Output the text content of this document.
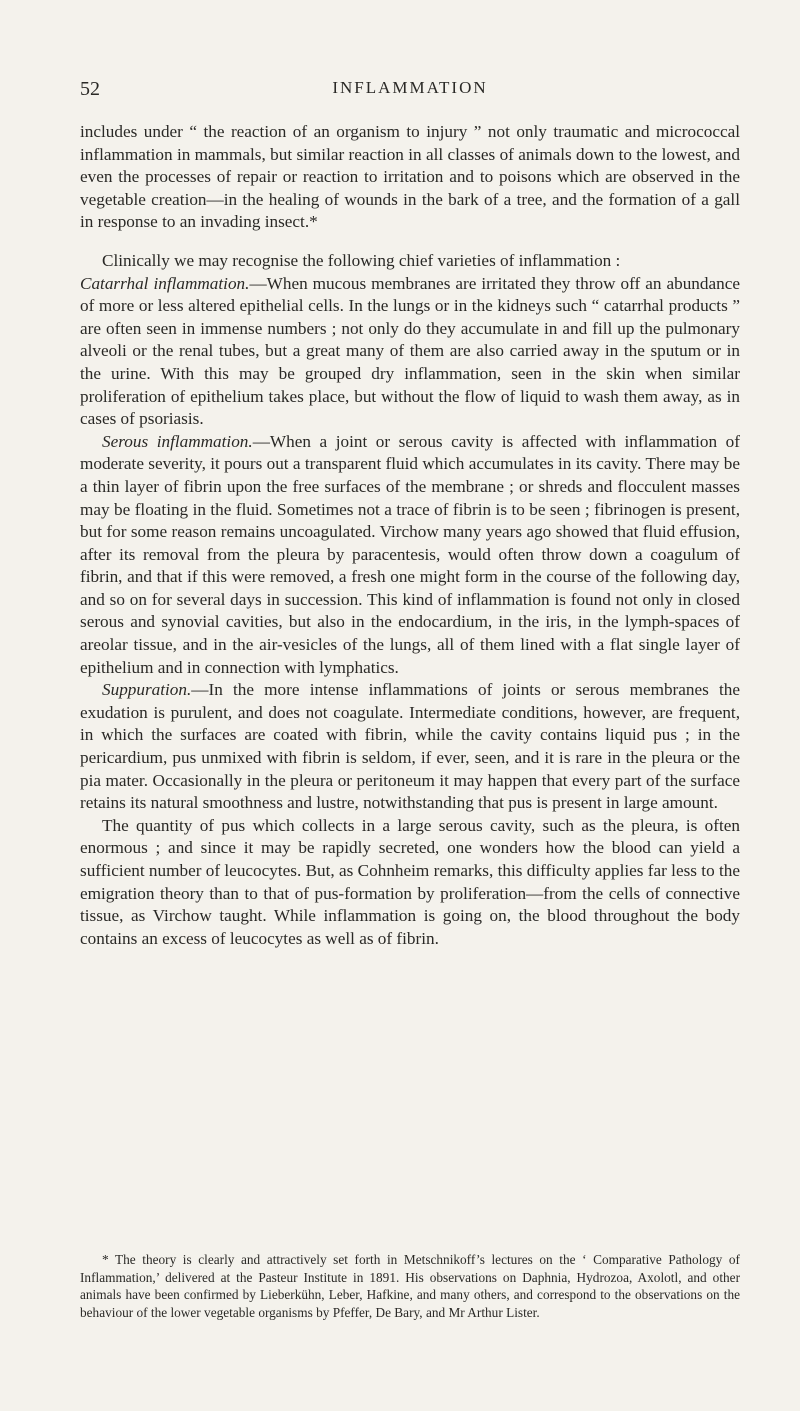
52	INFLAMMATION

includes under “ the reaction of an organism to injury ” not only traumatic and micrococcal inflammation in mammals, but similar reaction in all classes of animals down to the lowest, and even the processes of repair or reaction to irritation and to poisons which are observed in the vegetable creation—in the healing of wounds in the bark of a tree, and the formation of a gall in response to an invading insect.*

Clinically we may recognise the following chief varieties of inflammation :

Catarrhal inflammation.—When mucous membranes are irritated they throw off an abundance of more or less altered epithelial cells. In the lungs or in the kidneys such “ catarrhal products ” are often seen in immense numbers ; not only do they accumulate in and fill up the pulmonary alveoli or the renal tubes, but a great many of them are also carried away in the sputum or in the urine. With this may be grouped dry inflammation, seen in the skin when similar proliferation of epithelium takes place, but without the flow of liquid to wash them away, as in cases of psoriasis.

Serous inflammation.—When a joint or serous cavity is affected with inflammation of moderate severity, it pours out a transparent fluid which accumulates in its cavity. There may be a thin layer of fibrin upon the free surfaces of the membrane ; or shreds and flocculent masses may be floating in the fluid. Sometimes not a trace of fibrin is to be seen ; fibrinogen is present, but for some reason remains uncoagulated. Virchow many years ago showed that fluid effusion, after its removal from the pleura by paracentesis, would often throw down a coagulum of fibrin, and that if this were removed, a fresh one might form in the course of the following day, and so on for several days in succession. This kind of inflammation is found not only in closed serous and synovial cavities, but also in the endocardium, in the iris, in the lymph-spaces of areolar tissue, and in the air-vesicles of the lungs, all of them lined with a flat single layer of epithelium and in connection with lymphatics.

Suppuration.—In the more intense inflammations of joints or serous membranes the exudation is purulent, and does not coagulate. Intermediate conditions, however, are frequent, in which the surfaces are coated with fibrin, while the cavity contains liquid pus ; in the pericardium, pus unmixed with fibrin is seldom, if ever, seen, and it is rare in the pleura or the pia mater. Occasionally in the pleura or peritoneum it may happen that every part of the surface retains its natural smoothness and lustre, notwithstanding that pus is present in large amount.

The quantity of pus which collects in a large serous cavity, such as the pleura, is often enormous ; and since it may be rapidly secreted, one wonders how the blood can yield a sufficient number of leucocytes. But, as Cohnheim remarks, this difficulty applies far less to the emigration theory than to that of pus-formation by proliferation—from the cells of connective tissue, as Virchow taught. While inflammation is going on, the blood throughout the body contains an excess of leucocytes as well as of fibrin.

* The theory is clearly and attractively set forth in Metschnikoff’s lectures on the ‘ Comparative Pathology of Inflammation,’ delivered at the Pasteur Institute in 1891. His observations on Daphnia, Hydrozoa, Axolotl, and other animals have been confirmed by Lieberkühn, Leber, Hafkine, and many others, and correspond to the observations on the behaviour of the lower vegetable organisms by Pfeffer, De Bary, and Mr Arthur Lister.
